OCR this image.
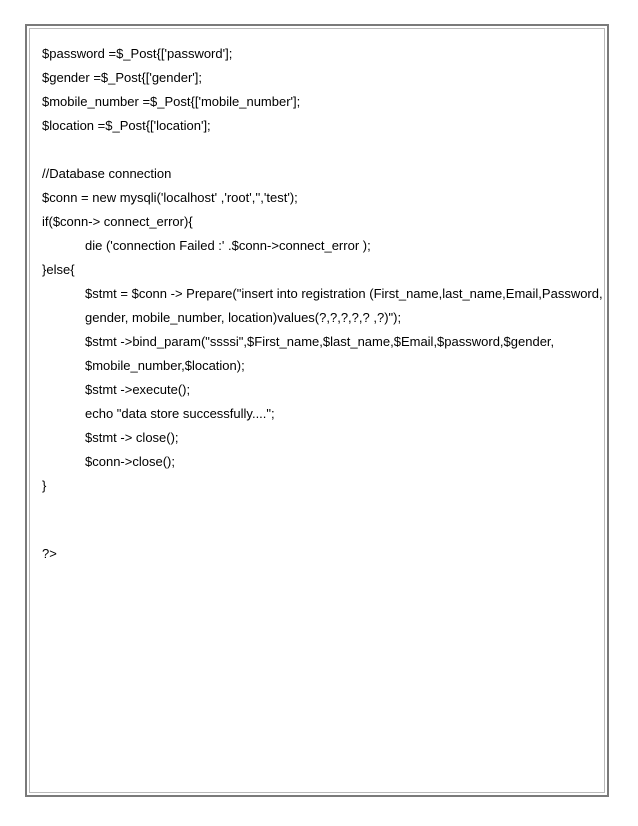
$password =$_Post{['password'];
$gender =$_Post{['gender'];
$mobile_number =$_Post{['mobile_number'];
$location =$_Post{['location'];
//Database connection
$conn = new mysqli('localhost' ,'root','','test');
if($conn-> connect_error){
die ('connection Failed :' .$conn->connect_error );
}else{
$stmt = $conn -> Prepare("insert into registration (First_name,last_name,Email,Password,
gender, mobile_number, location)values(?,?,?,?,? ,?)");
$stmt ->bind_param("ssssi",$First_name,$last_name,$Email,$password,$gender,
$mobile_number,$location);
$stmt ->execute();
echo "data store successfully....";
$stmt -> close();
$conn->close();
}
?>
